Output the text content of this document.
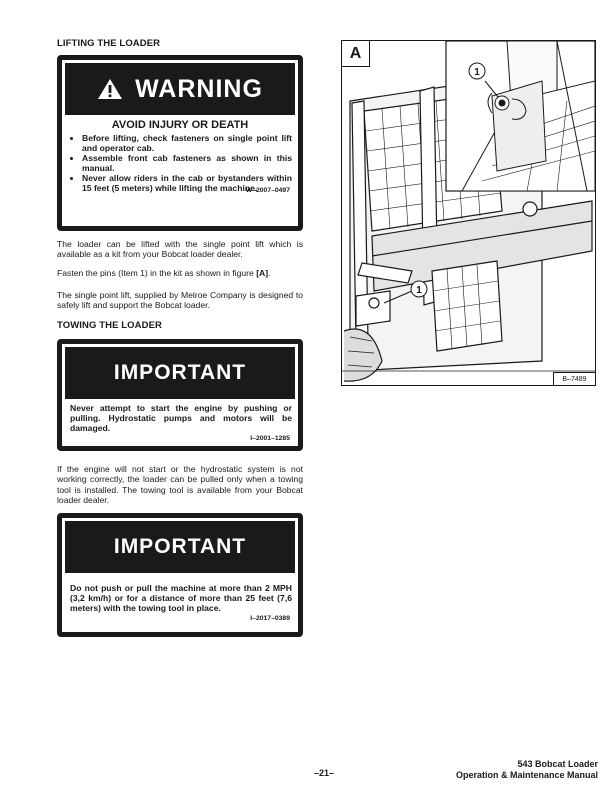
LIFTING THE LOADER
WARNING
AVOID INJURY OR DEATH
• Before lifting, check fasteners on single point lift and operator cab.
• Assemble front cab fasteners as shown in this manual.
• Never allow riders in the cab or bystanders within 15 feet (5 meters) while lifting the machine.
W–2007–0497
The loader can be lifted with the single point lift which is available as a kit from your Bobcat loader dealer.
Fasten the pins (Item 1) in the kit as shown in figure [A].
The single point lift, supplied by Melroe Company is designed to safely lift and support the Bobcat loader.
TOWING THE LOADER
IMPORTANT
Never attempt to start the engine by pushing or pulling. Hydrostatic pumps and motors will be damaged.
I–2001–1285
If the engine will not start or the hydrostatic system is not working correctly, the loader can be pulled only when a towing tool is installed. The towing tool is available from your Bobcat loader dealer.
IMPORTANT
Do not push or pull the machine at more than 2 MPH (3,2 km/h) or for a distance of more than 25 feet (7,6 meters) with the towing tool in place.
I–2017–0389
1
1
A
B–7489
–21–
543 Bobcat Loader
Operation & Maintenance Manual
